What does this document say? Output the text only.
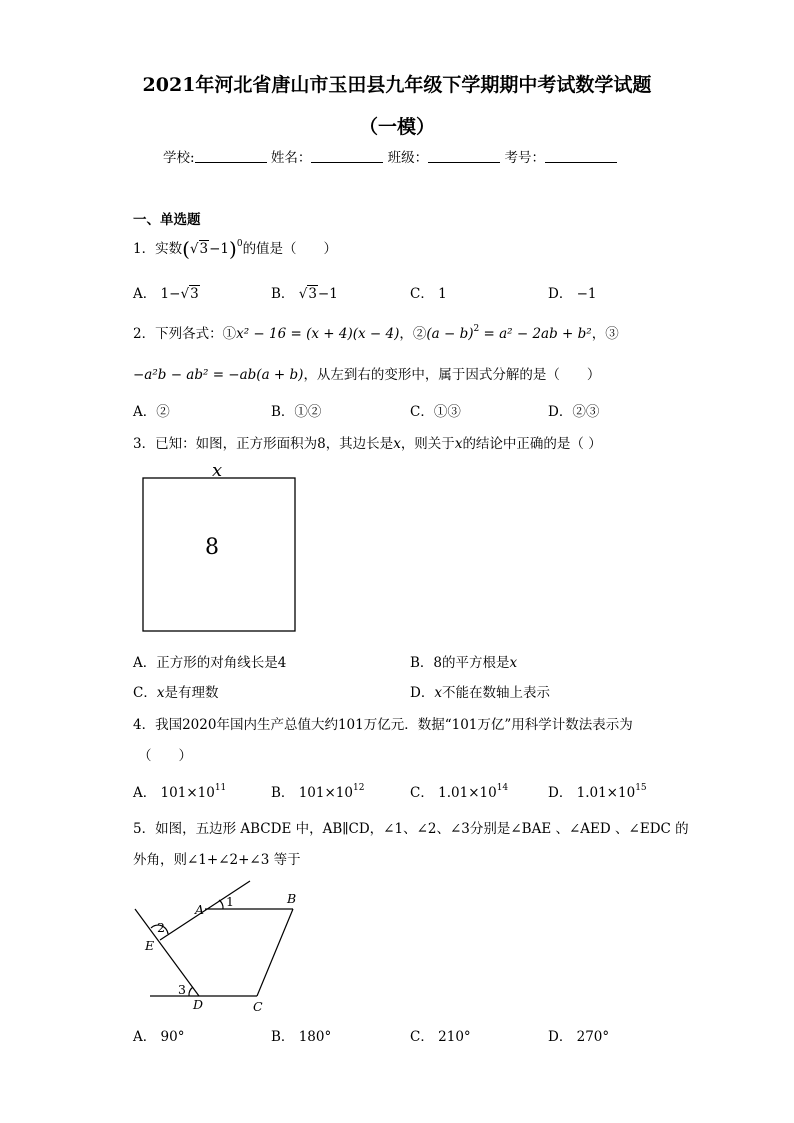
2021年河北省唐山市玉田县九年级下学期期中考试数学试题
（一模）
学校:	姓名：	班级：	考号：
一、单选题
1．实数$(√3-1)^0$的值是（　　）
A． 1−√3	B． √3−1	C． 1	D． −1
2．下列各式：①x² − 16 = (x + 4)(x − 4)，②(a − b)$^2$ = a² − 2ab + b²，③
−a²b − ab² = −ab(a + b)，从左到右的变形中，属于因式分解的是（　　）
A．②	B．①②	C．①③	D．②③
3．已知：如图，正方形面积为8，其边长是x，则关于x的结论中正确的是（ ）
x
8
A．正方形的对角线长是4	B．8的平方根是x
C．x是有理数	D．x不能在数轴上表示
4．我国2020年国内生产总值大约101万亿元．数据“101万亿”用科学计数法表示为
（　　）
A． $101\times 10^{11}$	B． $101\times 10^{12}$	C． $1.01\times 10^{14}$	D． $1.01\times 10^{15}$
5．如图，五边形 ABCDE 中，AB∥CD，∠1、∠2、∠3分别是∠BAE 、∠AED 、∠EDC 的
外角，则∠1+∠2+∠3 等于
A
B
C
D
E
1
2
3
A． 90°	B． 180°	C． 210°	D． 270°
